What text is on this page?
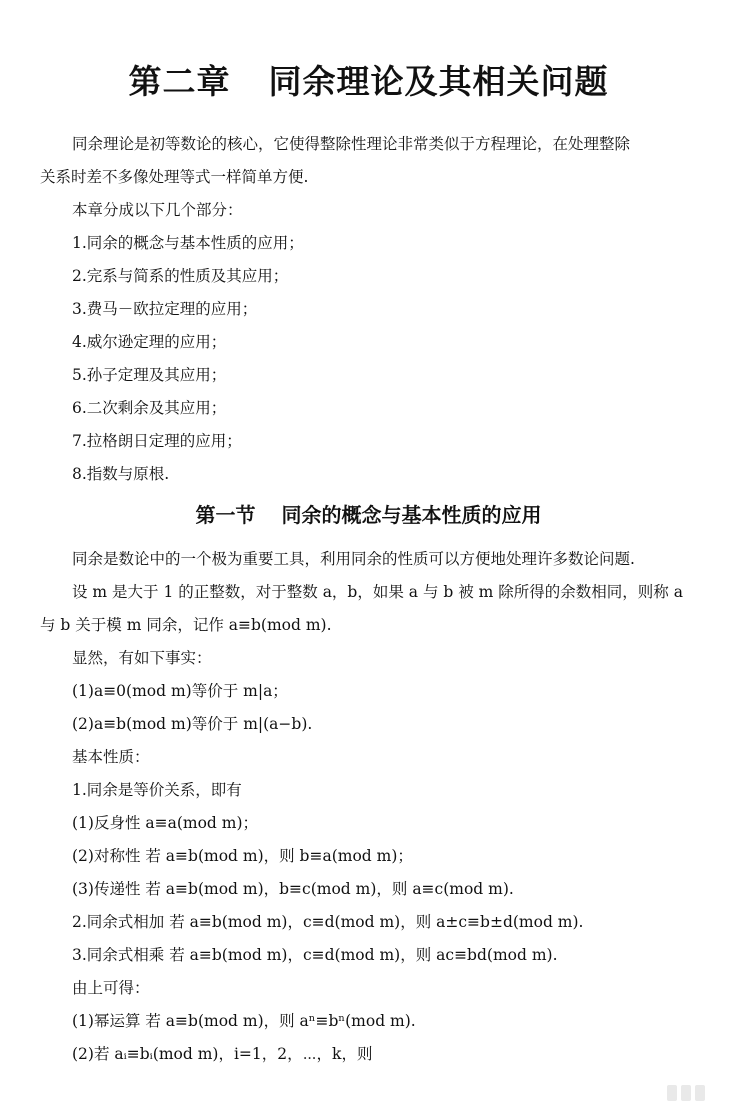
第二章 同余理论及其相关问题
同余理论是初等数论的核心，它使得整除性理论非常类似于方程理论，在处理整除
关系时差不多像处理等式一样简单方便.
本章分成以下几个部分：
1.同余的概念与基本性质的应用；
2.完系与简系的性质及其应用；
3.费马－欧拉定理的应用；
4.威尔逊定理的应用；
5.孙子定理及其应用；
6.二次剩余及其应用；
7.拉格朗日定理的应用；
8.指数与原根.
第一节 同余的概念与基本性质的应用
同余是数论中的一个极为重要工具，利用同余的性质可以方便地处理许多数论问题.
设 m 是大于 1 的正整数，对于整数 a，b，如果 a 与 b 被 m 除所得的余数相同，则称 a
与 b 关于模 m 同余，记作 a≡b(mod m).
显然，有如下事实：
(1)a≡0(mod m)等价于 m|a；
(2)a≡b(mod m)等价于 m|(a−b).
基本性质：
1.同余是等价关系，即有
(1)反身性 a≡a(mod m)；
(2)对称性 若 a≡b(mod m)，则 b≡a(mod m)；
(3)传递性 若 a≡b(mod m)，b≡c(mod m)，则 a≡c(mod m).
2.同余式相加 若 a≡b(mod m)，c≡d(mod m)，则 a±c≡b±d(mod m).
3.同余式相乘 若 a≡b(mod m)，c≡d(mod m)，则 ac≡bd(mod m).
由上可得：
(1)幂运算 若 a≡b(mod m)，则 aⁿ≡bⁿ(mod m).
(2)若 aᵢ≡bᵢ(mod m)，i=1，2，⋯，k，则
